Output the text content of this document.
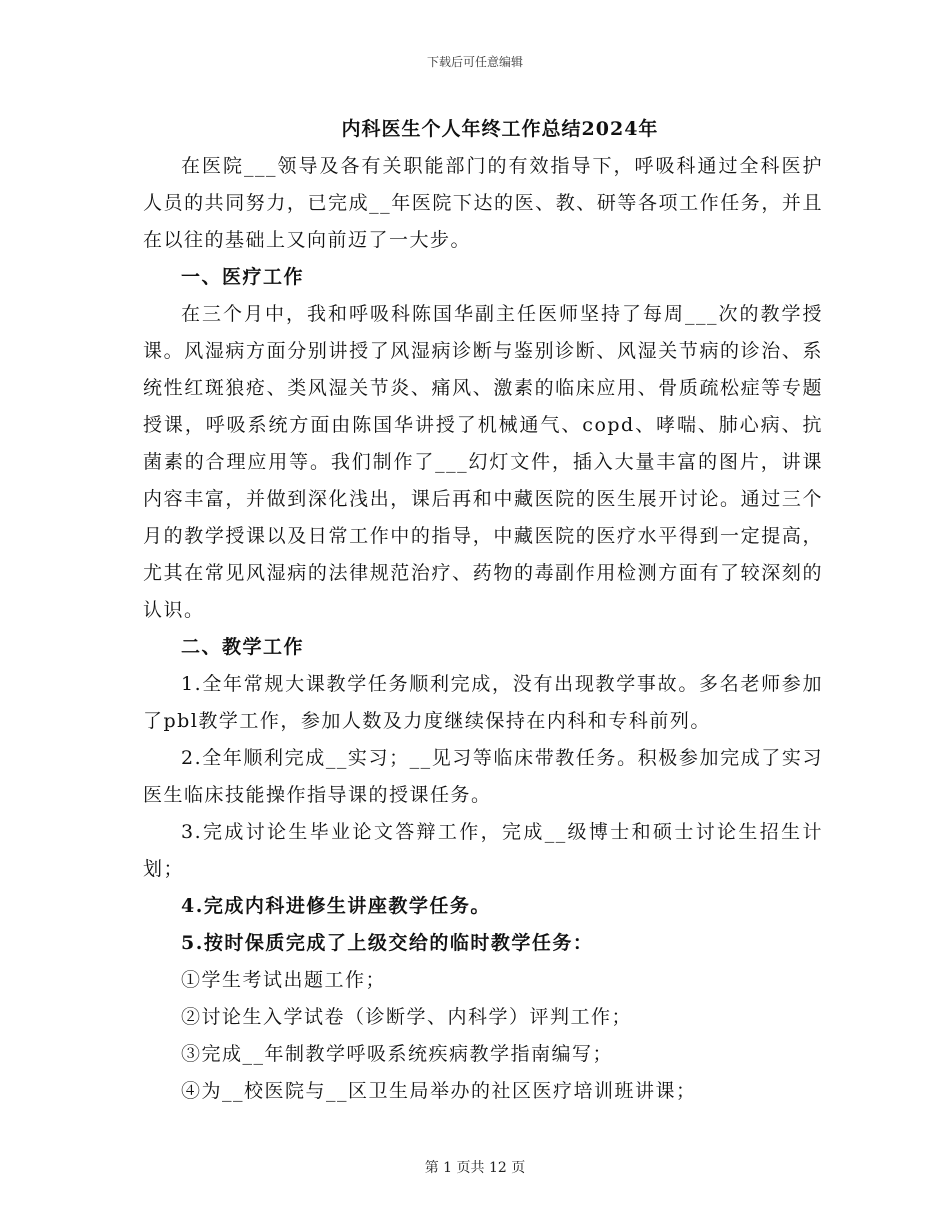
下载后可任意编辑
内科医生个人年终工作总结2024年

在医院___领导及各有关职能部门的有效指导下，呼吸科通过全科医护人员的共同努力，已完成__年医院下达的医、教、研等各项工作任务，并且在以往的基础上又向前迈了一大步。

一、医疗工作

在三个月中，我和呼吸科陈国华副主任医师坚持了每周___次的教学授课。风湿病方面分别讲授了风湿病诊断与鉴别诊断、风湿关节病的诊治、系统性红斑狼疮、类风湿关节炎、痛风、激素的临床应用、骨质疏松症等专题授课，呼吸系统方面由陈国华讲授了机械通气、copd、哮喘、肺心病、抗菌素的合理应用等。我们制作了___幻灯文件，插入大量丰富的图片，讲课内容丰富，并做到深化浅出，课后再和中藏医院的医生展开讨论。通过三个月的教学授课以及日常工作中的指导，中藏医院的医疗水平得到一定提高，尤其在常见风湿病的法律规范治疗、药物的毒副作用检测方面有了较深刻的认识。

二、教学工作

1.全年常规大课教学任务顺利完成，没有出现教学事故。多名老师参加了pbl教学工作，参加人数及力度继续保持在内科和专科前列。

2.全年顺利完成__实习；__见习等临床带教任务。积极参加完成了实习医生临床技能操作指导课的授课任务。

3.完成讨论生毕业论文答辩工作，完成__级博士和硕士讨论生招生计划；

4.完成内科进修生讲座教学任务。

5.按时保质完成了上级交给的临时教学任务：

①学生考试出题工作；

②讨论生入学试卷（诊断学、内科学）评判工作；

③完成__年制教学呼吸系统疾病教学指南编写；

④为__校医院与__区卫生局举办的社区医疗培训班讲课；

第 1 页共 12 页
